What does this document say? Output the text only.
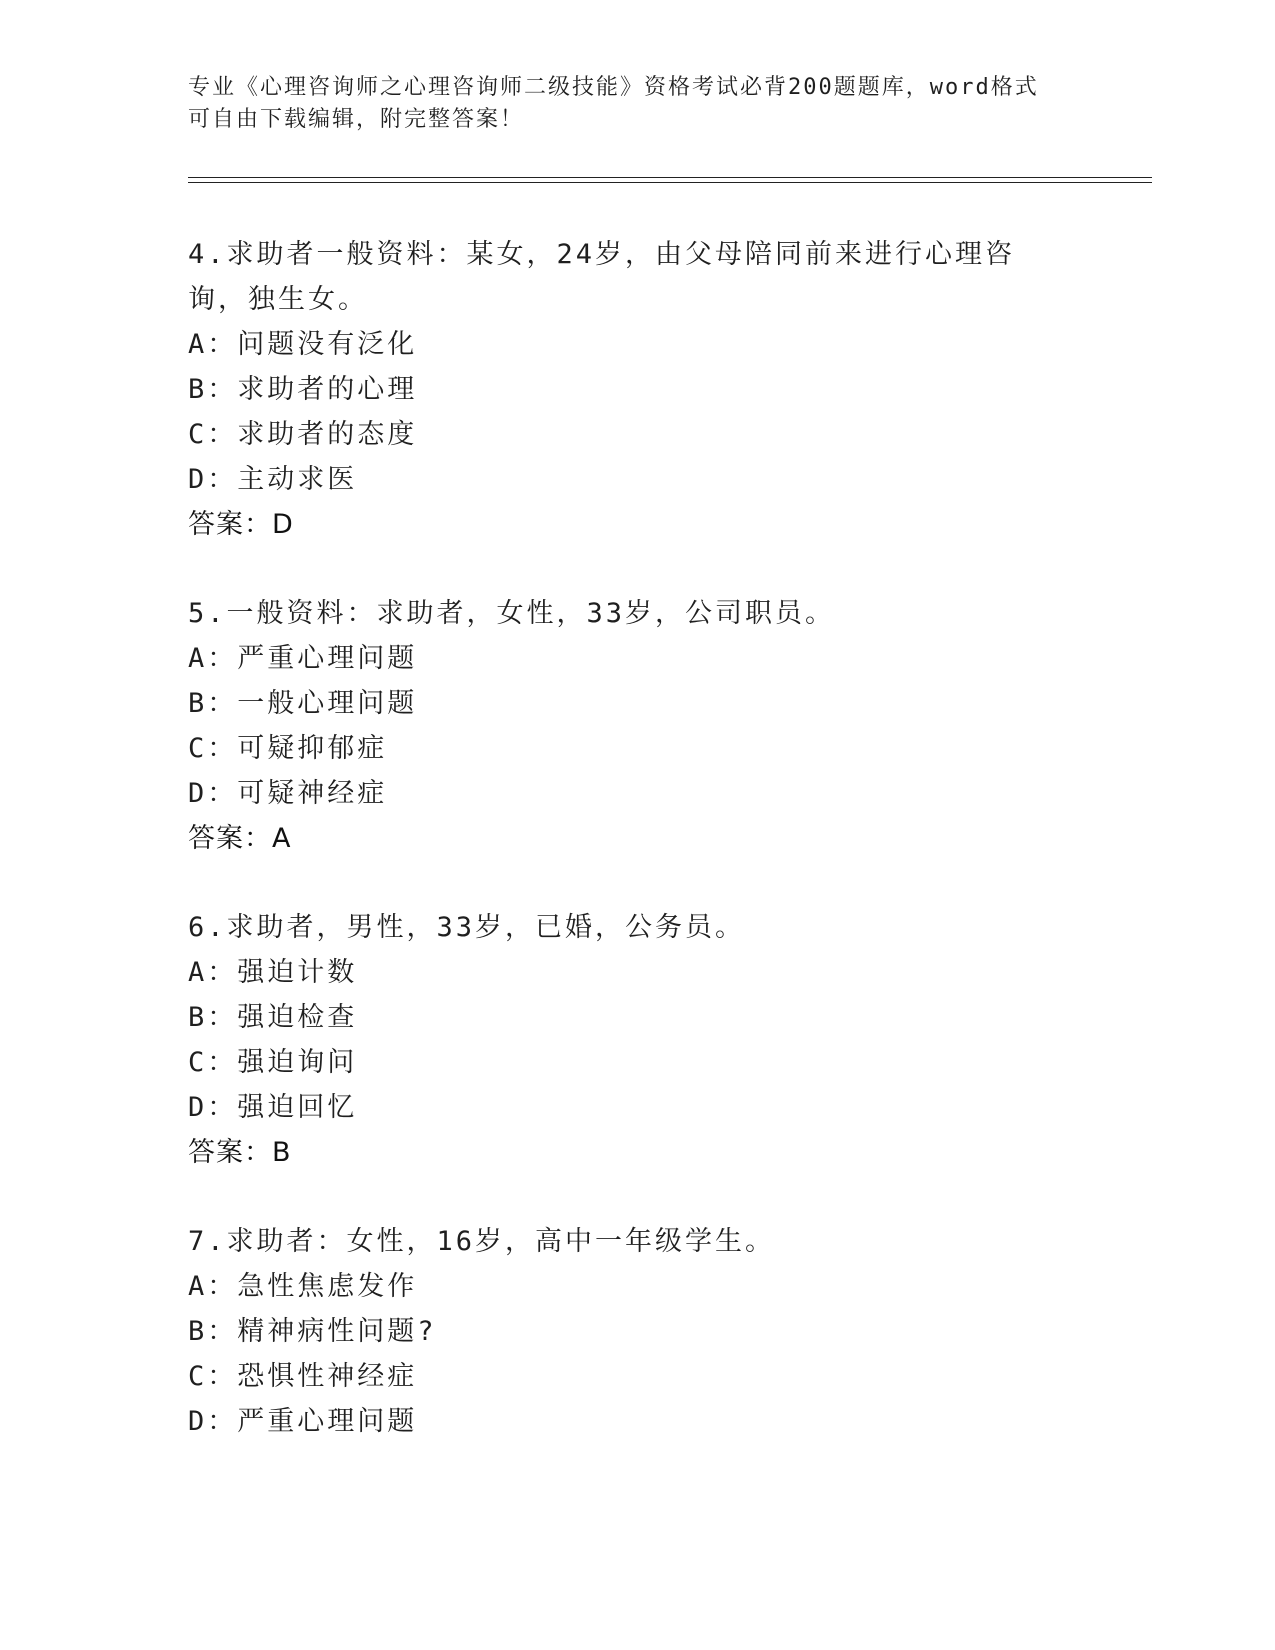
专业《心理咨询师之心理咨询师二级技能》资格考试必背200题题库，word格式
可自由下载编辑，附完整答案！
4.求助者一般资料：某女，24岁，由父母陪同前来进行心理咨询，独生女。
A：问题没有泛化
B：求助者的心理
C：求助者的态度
D：主动求医
答案：D
5.一般资料：求助者，女性，33岁，公司职员。
A：严重心理问题
B：一般心理问题
C：可疑抑郁症
D：可疑神经症
答案：A
6.求助者，男性，33岁，已婚，公务员。
A：强迫计数
B：强迫检查
C：强迫询问
D：强迫回忆
答案：B
7.求助者：女性，16岁，高中一年级学生。
A：急性焦虑发作
B：精神病性问题?
C：恐惧性神经症
D：严重心理问题
